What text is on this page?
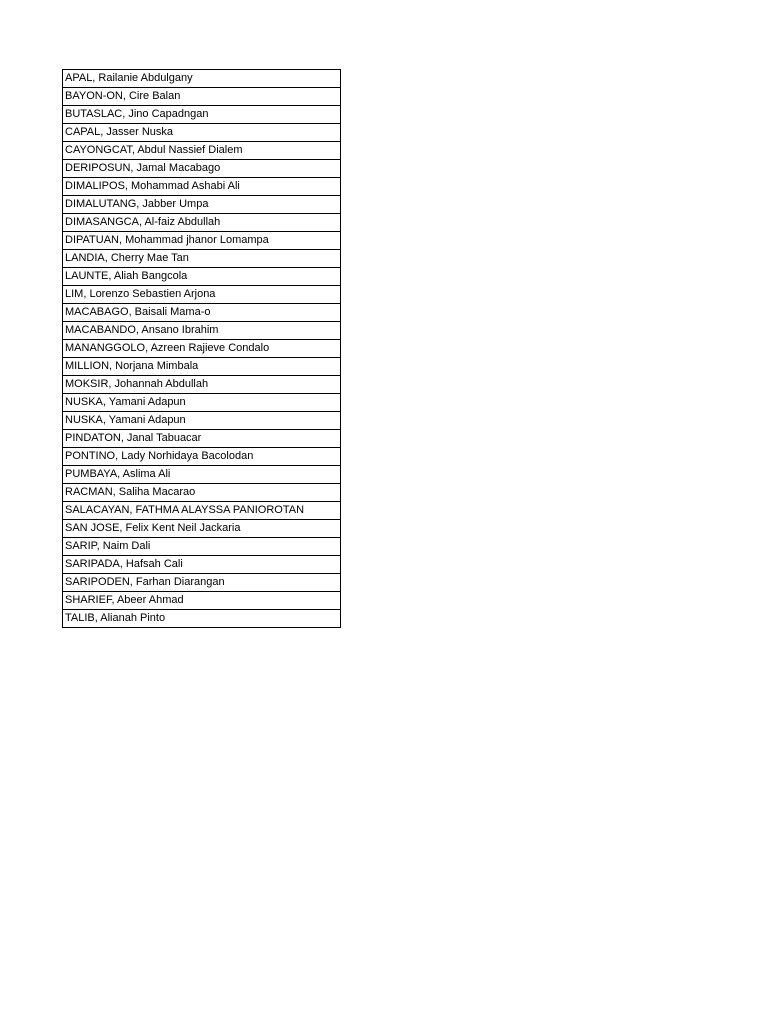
APAL, Railanie Abdulgany
BAYON-ON, Cire Balan
BUTASLAC, Jino Capadngan
CAPAL, Jasser Nuska
CAYONGCAT, Abdul Nassief Dialem
DERIPOSUN, Jamal Macabago
DIMALIPOS, Mohammad Ashabi Ali
DIMALUTANG, Jabber Umpa
DIMASANGCA, Al-faiz Abdullah
DIPATUAN, Mohammad jhanor Lomampa
LANDIA, Cherry Mae Tan
LAUNTE, Aliah Bangcola
LIM, Lorenzo Sebastien Arjona
MACABAGO, Baisali Mama-o
MACABANDO, Ansano Ibrahim
MANANGGOLO, Azreen Rajieve Condalo
MILLION, Norjana Mimbala
MOKSIR, Johannah Abdullah
NUSKA, Yamani Adapun
NUSKA, Yamani Adapun
PINDATON, Janal Tabuacar
PONTINO, Lady Norhidaya Bacolodan
PUMBAYA, Aslima Ali
RACMAN, Saliha Macarao
SALACAYAN, FATHMA ALAYSSA PANIOROTAN
SAN JOSE, Felix Kent Neil Jackaria
SARIP, Naim Dali
SARIPADA, Hafsah Cali
SARIPODEN, Farhan Diarangan
SHARIEF, Abeer Ahmad
TALIB, Alianah Pinto
